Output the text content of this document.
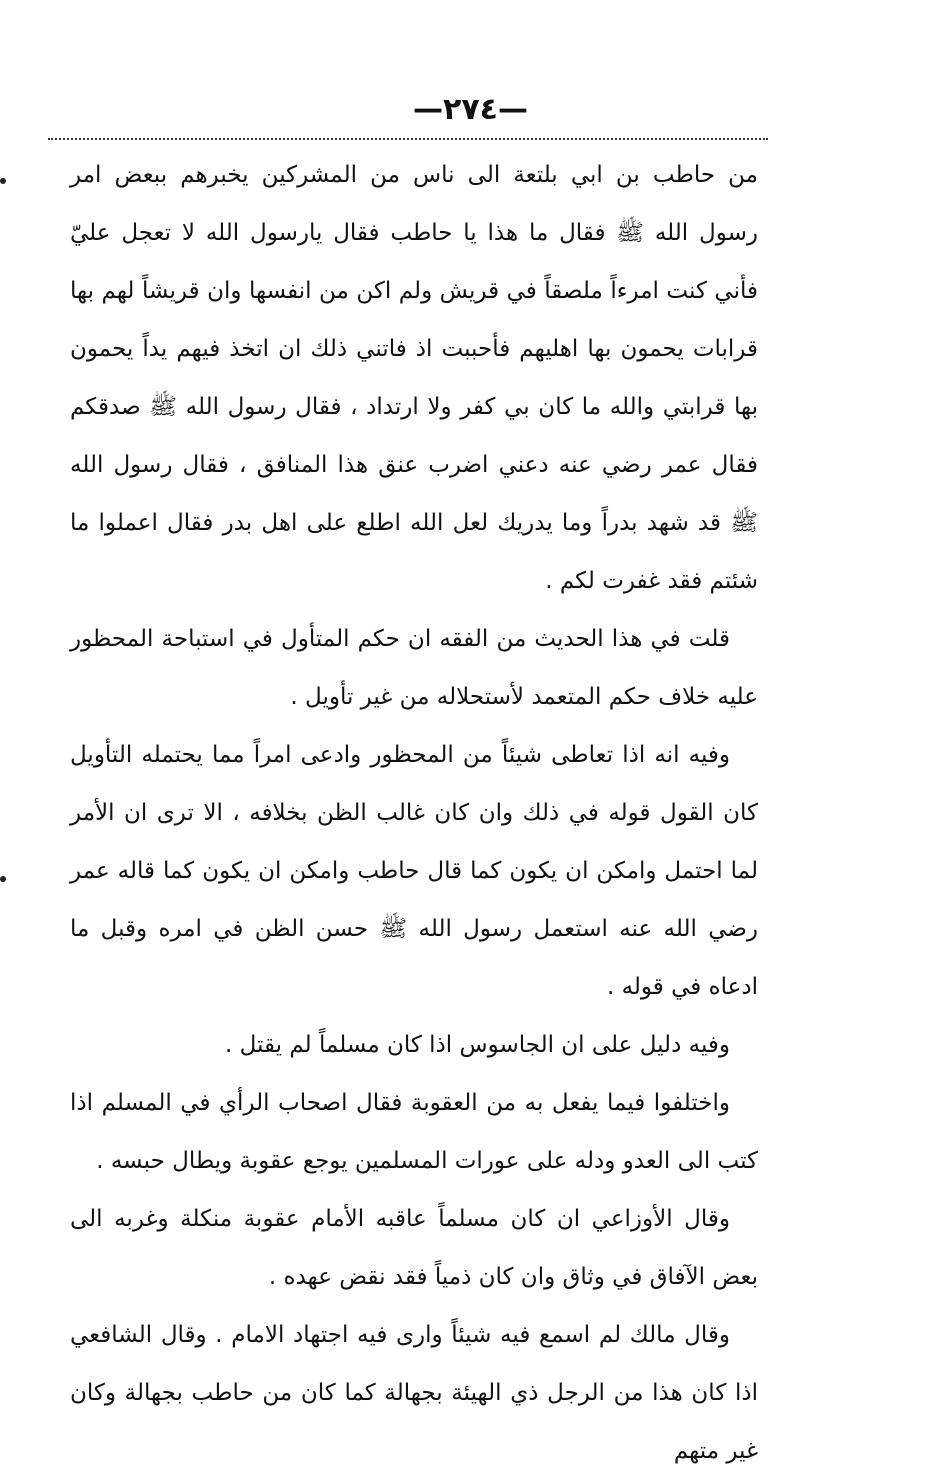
—٢٧٤—

من حاطب بن ابي بلتعة الى ناس من المشركين يخبرهم ببعض امر رسول الله ﷺ فقال ما هذا يا حاطب فقال يارسول الله لا تعجل عليّ فأني كنت امرءاً ملصقاً في قريش ولم اكن من انفسها وان قريشاً لهم بها قرابات يحمون بها اهليهم فأحببت اذ فاتني ذلك ان اتخذ فيهم يداً يحمون بها قرابتي والله ما كان بي كفر ولا ارتداد ، فقال رسول الله ﷺ صدقكم فقال عمر رضي عنه دعني اضرب عنق هذا المنافق ، فقال رسول الله ﷺ قد شهد بدراً وما يدريك لعل الله اطلع على اهل بدر فقال اعملوا ما شئتم فقد غفرت لكم .

قلت في هذا الحديث من الفقه ان حكم المتأول في استباحة المحظور عليه خلاف حكم المتعمد لأستحلاله من غير تأويل .

وفيه انه اذا تعاطى شيئاً من المحظور وادعى امراً مما يحتمله التأويل كان القول قوله في ذلك وان كان غالب الظن بخلافه ، الا ترى ان الأمر لما احتمل وامكن ان يكون كما قال حاطب وامكن ان يكون كما قاله عمر رضي الله عنه استعمل رسول الله ﷺ حسن الظن في امره وقبل ما ادعاه في قوله .

وفيه دليل على ان الجاسوس اذا كان مسلماً لم يقتل .

واختلفوا فيما يفعل به من العقوبة فقال اصحاب الرأي في المسلم اذا كتب الى العدو ودله على عورات المسلمين يوجع عقوبة ويطال حبسه .

وقال الأوزاعي ان كان مسلماً عاقبه الأمام عقوبة منكلة وغربه الى بعض الآفاق في وثاق وان كان ذمياً فقد نقض عهده .

وقال مالك لم اسمع فيه شيئاً وارى فيه اجتهاد الامام . وقال الشافعي اذا كان هذا من الرجل ذي الهيئة بجهالة كما كان من حاطب بجهالة وكان غير متهم
